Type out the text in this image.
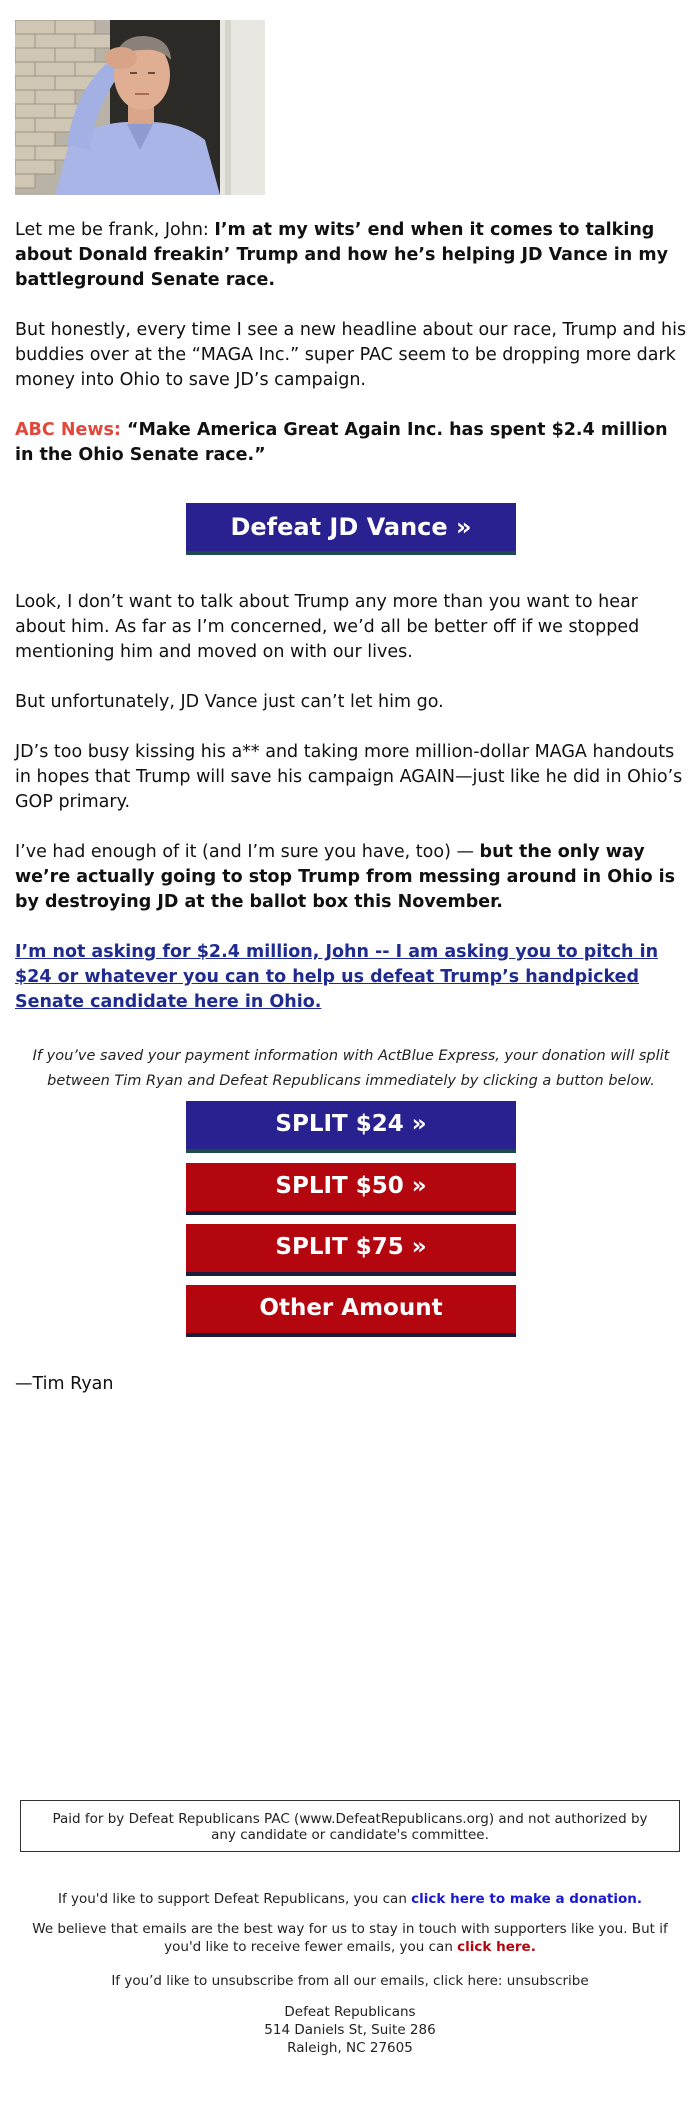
Let me be frank, John: I’m at my wits’ end when it comes to talking about Donald freakin’ Trump and how he’s helping JD Vance in my battleground Senate race.
But honestly, every time I see a new headline about our race, Trump and his buddies over at the “MAGA Inc.” super PAC seem to be dropping more dark money into Ohio to save JD’s campaign.
ABC News: “Make America Great Again Inc. has spent $2.4 million in the Ohio Senate race.”
Defeat JD Vance »
Look, I don’t want to talk about Trump any more than you want to hear about him. As far as I’m concerned, we’d all be better off if we stopped mentioning him and moved on with our lives.
But unfortunately, JD Vance just can’t let him go.
JD’s too busy kissing his a** and taking more million-dollar MAGA handouts in hopes that Trump will save his campaign AGAIN—just like he did in Ohio’s GOP primary.
I’ve had enough of it (and I’m sure you have, too) — but the only way we’re actually going to stop Trump from messing around in Ohio is by destroying JD at the ballot box this November.
I’m not asking for $2.4 million, John -- I am asking you to pitch in $24 or whatever you can to help us defeat Trump’s handpicked Senate candidate here in Ohio.
If you’ve saved your payment information with ActBlue Express, your donation will split between Tim Ryan and Defeat Republicans immediately by clicking a button below.
SPLIT $24 »
SPLIT $50 »
SPLIT $75 »
Other Amount
—Tim Ryan
Paid for by Defeat Republicans PAC (www.DefeatRepublicans.org) and not authorized by any candidate or candidate's committee.
If you'd like to support Defeat Republicans, you can click here to make a donation.
We believe that emails are the best way for us to stay in touch with supporters like you. But if you'd like to receive fewer emails, you can click here.
If you’d like to unsubscribe from all our emails, click here: unsubscribe
Defeat Republicans
514 Daniels St, Suite 286
Raleigh, NC 27605
